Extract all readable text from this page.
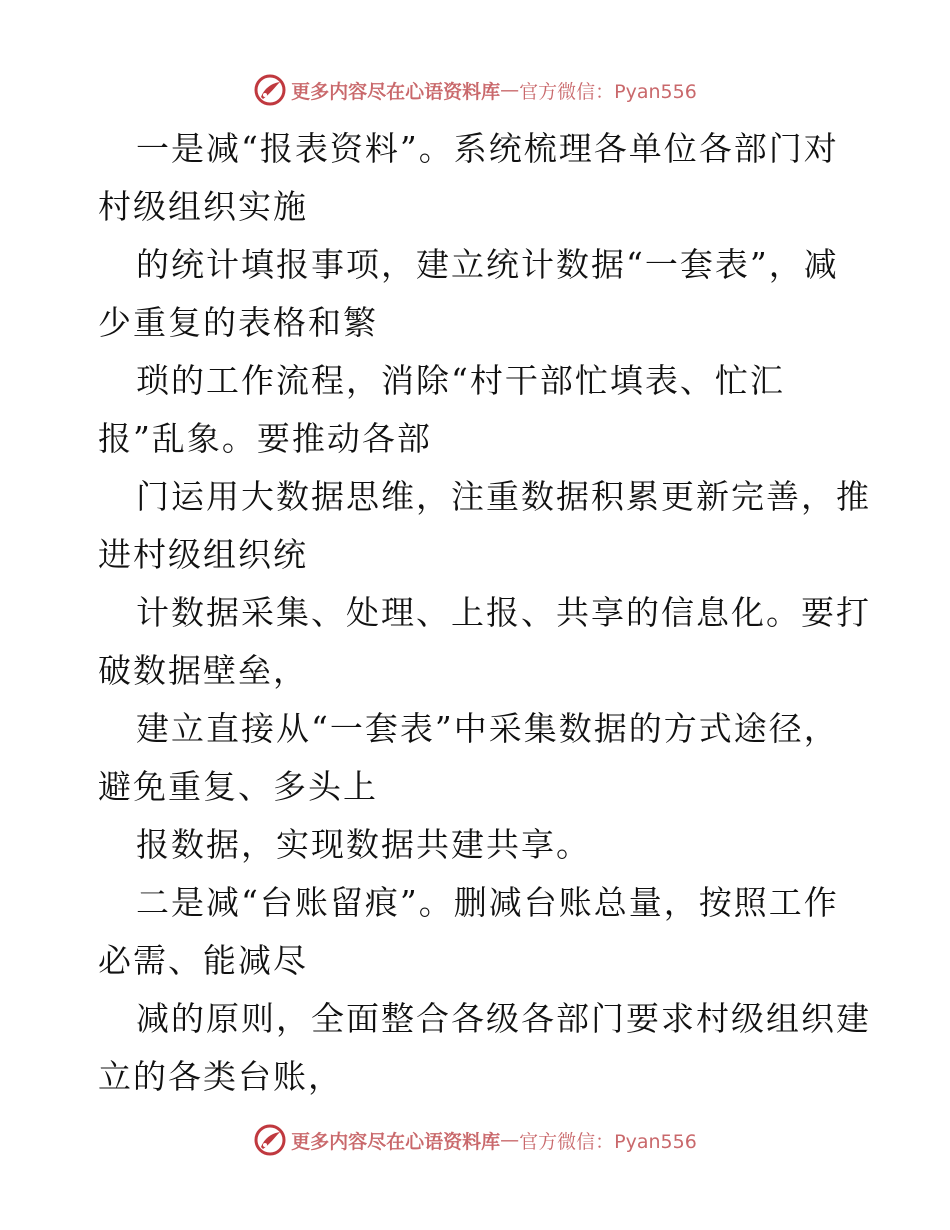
更多内容尽在心语资料库 — 官方微信：Pyan556
一是减“报表资料”。系统梳理各单位各部门对
村级组织实施
的统计填报事项，建立统计数据“一套表”，减
少重复的表格和繁
琐的工作流程，消除“村干部忙填表、忙汇
报”乱象。要推动各部
门运用大数据思维，注重数据积累更新完善，推
进村级组织统
计数据采集、处理、上报、共享的信息化。要打
破数据壁垒，
建立直接从“一套表”中采集数据的方式途径，
避免重复、多头上
报数据，实现数据共建共享。
二是减“台账留痕”。删减台账总量，按照工作
必需、能减尽
减的原则，全面整合各级各部门要求村级组织建
立的各类台账，
更多内容尽在心语资料库 — 官方微信：Pyan556
